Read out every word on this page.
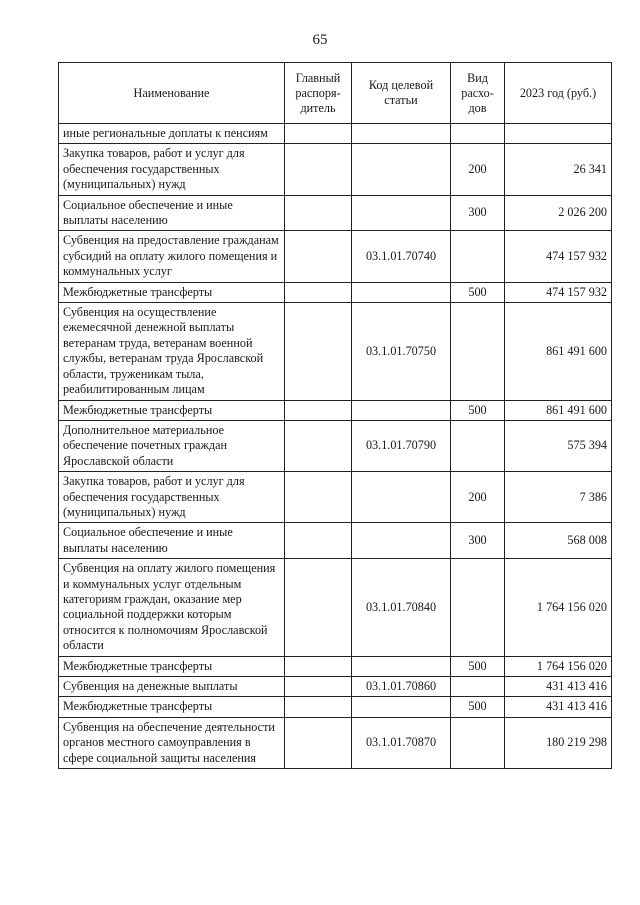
65
Наименование	Главный распоря-дитель	Код целевой статьи	Вид расхо-дов	2023 год (руб.)
иные региональные доплаты к пенсиям				
Закупка товаров, работ и услуг для обеспечения государственных (муниципальных) нужд			200	26 341
Социальное обеспечение и иные выплаты населению			300	2 026 200
Субвенция на предоставление гражданам субсидий на оплату жилого помещения и коммунальных услуг		03.1.01.70740		474 157 932
Межбюджетные трансферты			500	474 157 932
Субвенция на осуществление ежемесячной денежной выплаты ветеранам труда, ветеранам военной службы, ветеранам труда Ярославской области, труженикам тыла, реабилитированным лицам		03.1.01.70750		861 491 600
Межбюджетные трансферты			500	861 491 600
Дополнительное материальное обеспечение почетных граждан Ярославской области		03.1.01.70790		575 394
Закупка товаров, работ и услуг для обеспечения государственных (муниципальных) нужд			200	7 386
Социальное обеспечение и иные выплаты населению			300	568 008
Субвенция на оплату жилого помещения и коммунальных услуг отдельным категориям граждан, оказание мер социальной поддержки которым относится к полномочиям Ярославской области		03.1.01.70840		1 764 156 020
Межбюджетные трансферты			500	1 764 156 020
Субвенция на денежные выплаты		03.1.01.70860		431 413 416
Межбюджетные трансферты			500	431 413 416
Субвенция на обеспечение деятельности органов местного самоуправления в сфере социальной защиты населения		03.1.01.70870		180 219 298
